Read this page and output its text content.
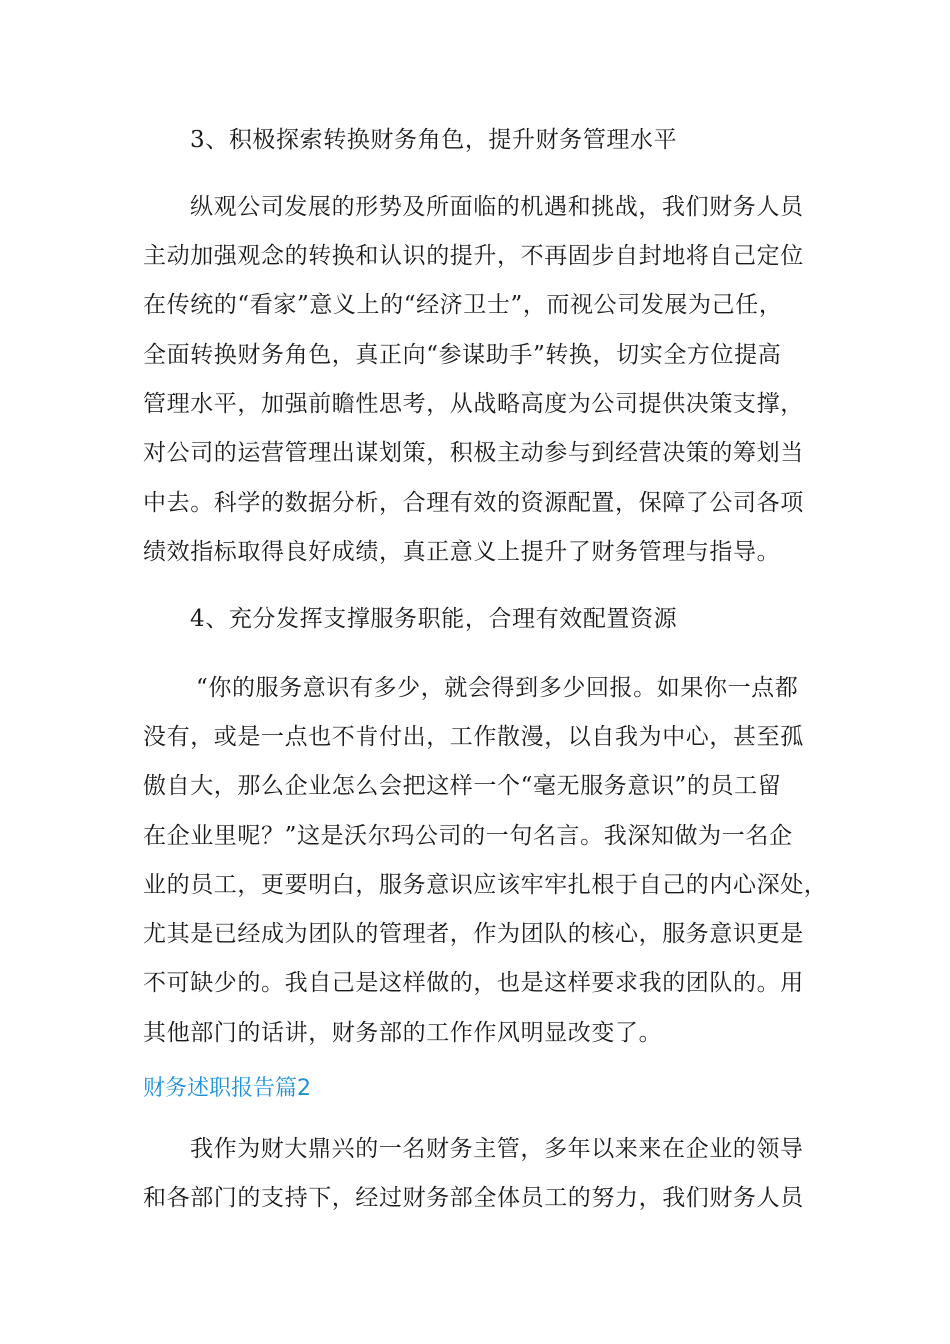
3、积极探索转换财务角色，提升财务管理水平
纵观公司发展的形势及所面临的机遇和挑战，我们财务人员
主动加强观念的转换和认识的提升，不再固步自封地将自己定位
在传统的“看家”意义上的“经济卫士”，而视公司发展为己任，
全面转换财务角色，真正向“参谋助手”转换，切实全方位提高
管理水平，加强前瞻性思考，从战略高度为公司提供决策支撑，
对公司的运营管理出谋划策，积极主动参与到经营决策的筹划当
中去。科学的数据分析，合理有效的资源配置，保障了公司各项
绩效指标取得良好成绩，真正意义上提升了财务管理与指导。
4、充分发挥支撑服务职能，合理有效配置资源
“你的服务意识有多少，就会得到多少回报。如果你一点都
没有，或是一点也不肯付出，工作散漫，以自我为中心，甚至孤
傲自大，那么企业怎么会把这样一个“毫无服务意识”的员工留
在企业里呢？”这是沃尔玛公司的一句名言。我深知做为一名企
业的员工，更要明白，服务意识应该牢牢扎根于自己的内心深处，
尤其是已经成为团队的管理者，作为团队的核心，服务意识更是
不可缺少的。我自己是这样做的，也是这样要求我的团队的。用
其他部门的话讲，财务部的工作作风明显改变了。
财务述职报告篇2
我作为财大鼎兴的一名财务主管，多年以来来在企业的领导
和各部门的支持下，经过财务部全体员工的努力，我们财务人员
